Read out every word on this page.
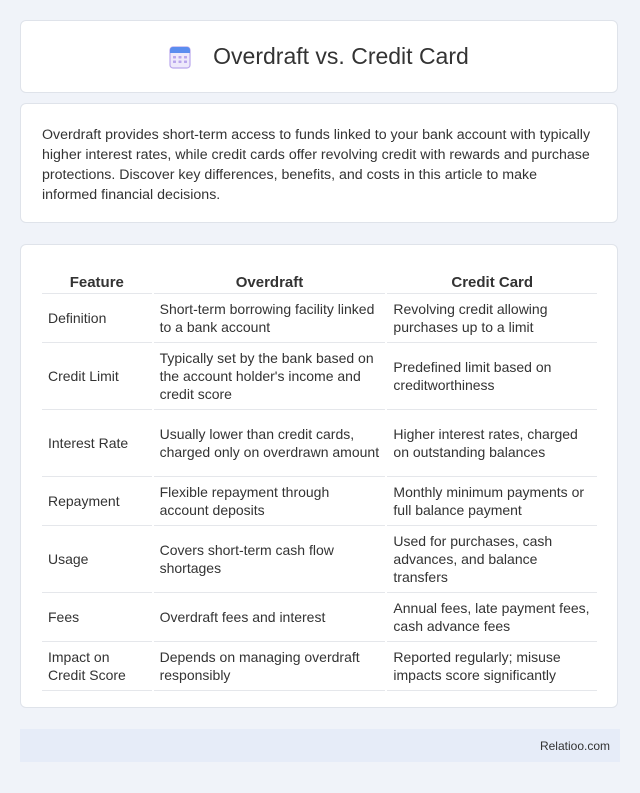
Overdraft vs. Credit Card

Overdraft provides short-term access to funds linked to your bank account with typically higher interest rates, while credit cards offer revolving credit with rewards and purchase protections. Discover key differences, benefits, and costs in this article to make informed financial decisions.

Feature	Overdraft	Credit Card
Definition	Short-term borrowing facility linked to a bank account	Revolving credit allowing purchases up to a limit
Credit Limit	Typically set by the bank based on the account holder's income and credit score	Predefined limit based on creditworthiness
Interest Rate	Usually lower than credit cards, charged only on overdrawn amount	Higher interest rates, charged on outstanding balances
Repayment	Flexible repayment through account deposits	Monthly minimum payments or full balance payment
Usage	Covers short-term cash flow shortages	Used for purchases, cash advances, and balance transfers
Fees	Overdraft fees and interest	Annual fees, late payment fees, cash advance fees
Impact on Credit Score	Depends on managing overdraft responsibly	Reported regularly; misuse impacts score significantly
Relatioo.com
